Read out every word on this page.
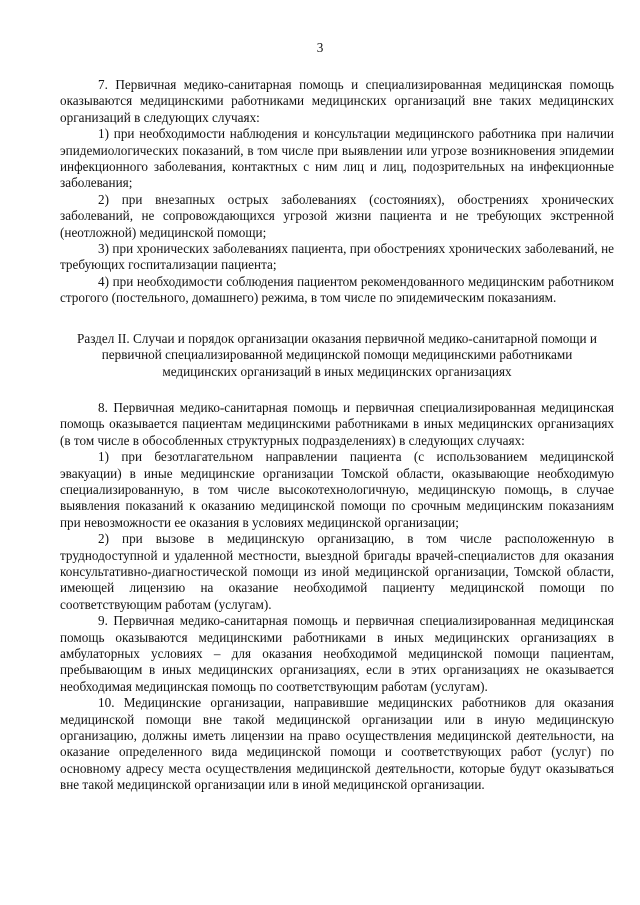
3

7. Первичная медико-санитарная помощь и специализированная медицинская помощь оказываются медицинскими работниками медицинских организаций вне таких медицинских организаций в следующих случаях:

1) при необходимости наблюдения и консультации медицинского работника при наличии эпидемиологических показаний, в том числе при выявлении или угрозе возникновения эпидемии инфекционного заболевания, контактных с ним лиц и лиц, подозрительных на инфекционные заболевания;

2) при внезапных острых заболеваниях (состояниях), обострениях хронических заболеваний, не сопровождающихся угрозой жизни пациента и не требующих экстренной (неотложной) медицинской помощи;

3) при хронических заболеваниях пациента, при обострениях хронических заболеваний, не требующих госпитализации пациента;

4) при необходимости соблюдения пациентом рекомендованного медицинским работником строгого (постельного, домашнего) режима, в том числе по эпидемическим показаниям.

Раздел II. Случаи и порядок организации оказания первичной медико-санитарной помощи и первичной специализированной медицинской помощи медицинскими работниками медицинских организаций в иных медицинских организациях

8. Первичная медико-санитарная помощь и первичная специализированная медицинская помощь оказывается пациентам медицинскими работниками в иных медицинских организациях (в том числе в обособленных структурных подразделениях) в следующих случаях:

1) при безотлагательном направлении пациента (с использованием медицинской эвакуации) в иные медицинские организации Томской области, оказывающие необходимую специализированную, в том числе высокотехнологичную, медицинскую помощь, в случае выявления показаний к оказанию медицинской помощи по срочным медицинским показаниям при невозможности ее оказания в условиях медицинской организации;

2) при вызове в медицинскую организацию, в том числе расположенную в труднодоступной и удаленной местности, выездной бригады врачей-специалистов для оказания консультативно-диагностической помощи из иной медицинской организации, Томской области, имеющей лицензию на оказание необходимой пациенту медицинской помощи по соответствующим работам (услугам).

9. Первичная медико-санитарная помощь и первичная специализированная медицинская помощь оказываются медицинскими работниками в иных медицинских организациях в амбулаторных условиях – для оказания необходимой медицинской помощи пациентам, пребывающим в иных медицинских организациях, если в этих организациях не оказывается необходимая медицинская помощь по соответствующим работам (услугам).

10. Медицинские организации, направившие медицинских работников для оказания медицинской помощи вне такой медицинской организации или в иную медицинскую организацию, должны иметь лицензии на право осуществления медицинской деятельности, на оказание определенного вида медицинской помощи и соответствующих работ (услуг) по основному адресу места осуществления медицинской деятельности, которые будут оказываться вне такой медицинской организации или в иной медицинской организации.
